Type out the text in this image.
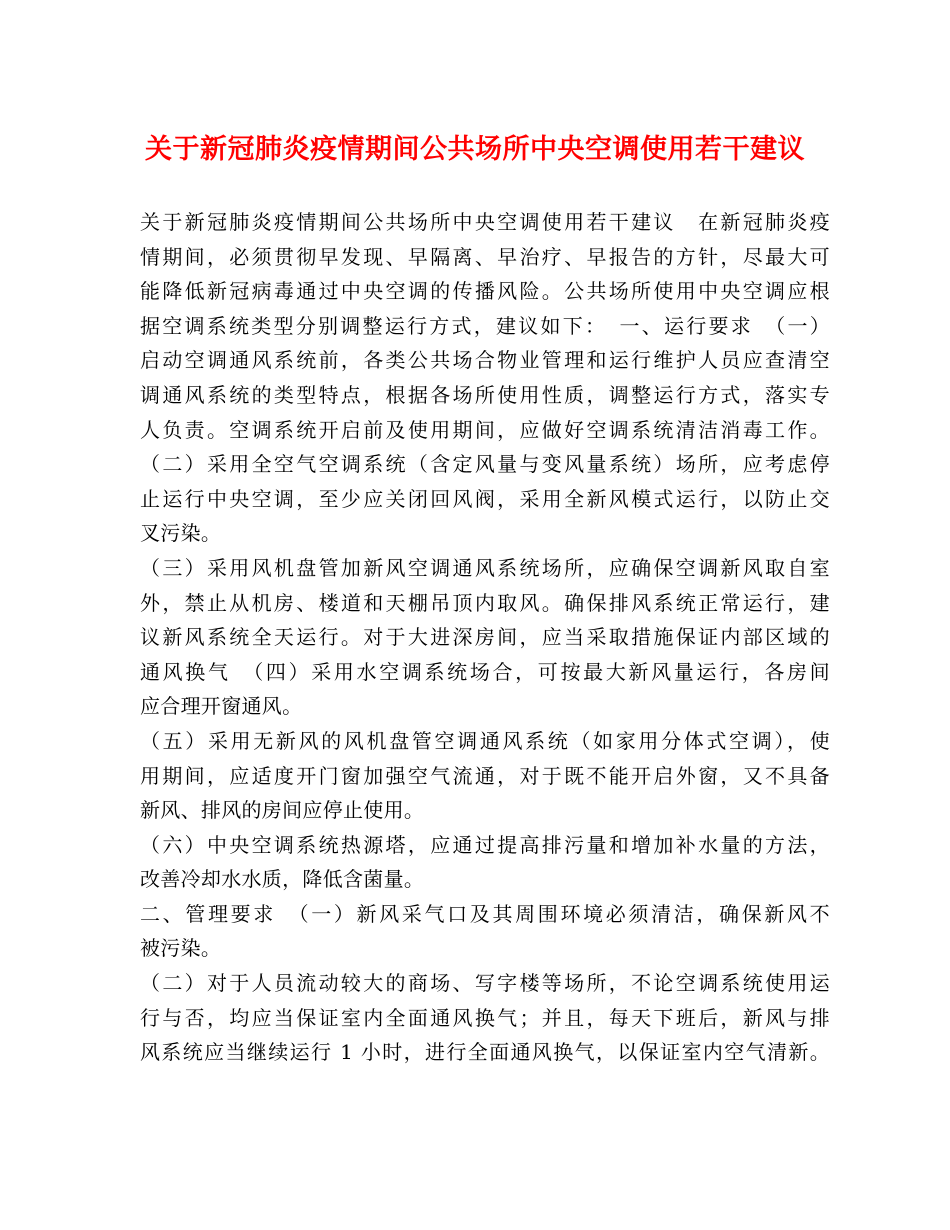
关于新冠肺炎疫情期间公共场所中央空调使用若干建议
关于新冠肺炎疫情期间公共场所中央空调使用若干建议　在新冠肺炎疫
情期间，必须贯彻早发现、早隔离、早治疗、早报告的方针，尽最大可
能降低新冠病毒通过中央空调的传播风险。公共场所使用中央空调应根
据空调系统类型分别调整运行方式，建议如下：　一、运行要求　（一）
启动空调通风系统前，各类公共场合物业管理和运行维护人员应查清空
调通风系统的类型特点，根据各场所使用性质，调整运行方式，落实专
人负责。空调系统开启前及使用期间，应做好空调系统清洁消毒工作。
（二）采用全空气空调系统（含定风量与变风量系统）场所，应考虑停
止运行中央空调，至少应关闭回风阀，采用全新风模式运行，以防止交
叉污染。
（三）采用风机盘管加新风空调通风系统场所，应确保空调新风取自室
外，禁止从机房、楼道和天棚吊顶内取风。确保排风系统正常运行，建
议新风系统全天运行。对于大进深房间，应当采取措施保证内部区域的
通风换气　（四）采用水空调系统场合，可按最大新风量运行，各房间
应合理开窗通风。
（五）采用无新风的风机盘管空调通风系统（如家用分体式空调），使
用期间，应适度开门窗加强空气流通，对于既不能开启外窗，又不具备
新风、排风的房间应停止使用。
（六）中央空调系统热源塔，应通过提高排污量和增加补水量的方法，
改善冷却水水质，降低含菌量。
二、管理要求　（一）新风采气口及其周围环境必须清洁，确保新风不
被污染。
（二）对于人员流动较大的商场、写字楼等场所，不论空调系统使用运
行与否，均应当保证室内全面通风换气；并且，每天下班后，新风与排
风系统应当继续运行 1 小时，进行全面通风换气，以保证室内空气清新。
